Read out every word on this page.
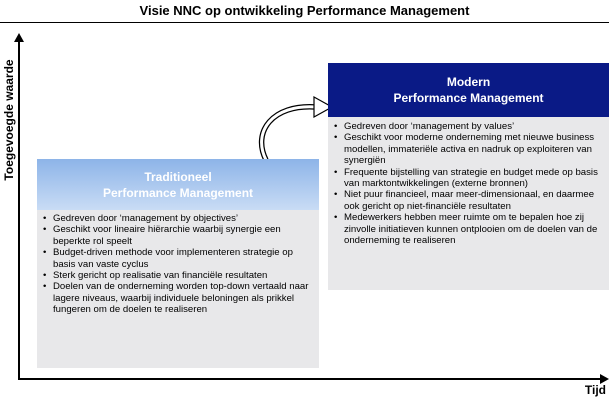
Visie NNC op ontwikkeling Performance Management
Toegevoegde waarde
Tijd
Traditioneel
Performance Management
• Gedreven door ‘management by objectives’
• Geschikt voor lineaire hiërarchie waarbij synergie een beperkte rol speelt
• Budget-driven methode voor implementeren strategie op basis van vaste cyclus
• Sterk gericht op realisatie van financiële resultaten
• Doelen van de onderneming worden top-down vertaald naar lagere niveaus, waarbij individuele beloningen als prikkel fungeren om de doelen te realiseren
Modern
Performance Management
• Gedreven door ‘management by values’
• Geschikt voor moderne onderneming met nieuwe business modellen, immateriële activa en nadruk op exploiteren van synergiën
• Frequente bijstelling van strategie en budget mede op basis van marktontwikkelingen (externe bronnen)
• Niet puur financieel, maar meer-dimensionaal, en daarmee ook gericht op niet-financiële resultaten
• Medewerkers hebben meer ruimte om te bepalen hoe zij zinvolle initiatieven kunnen ontplooien om de doelen van de onderneming te realiseren
